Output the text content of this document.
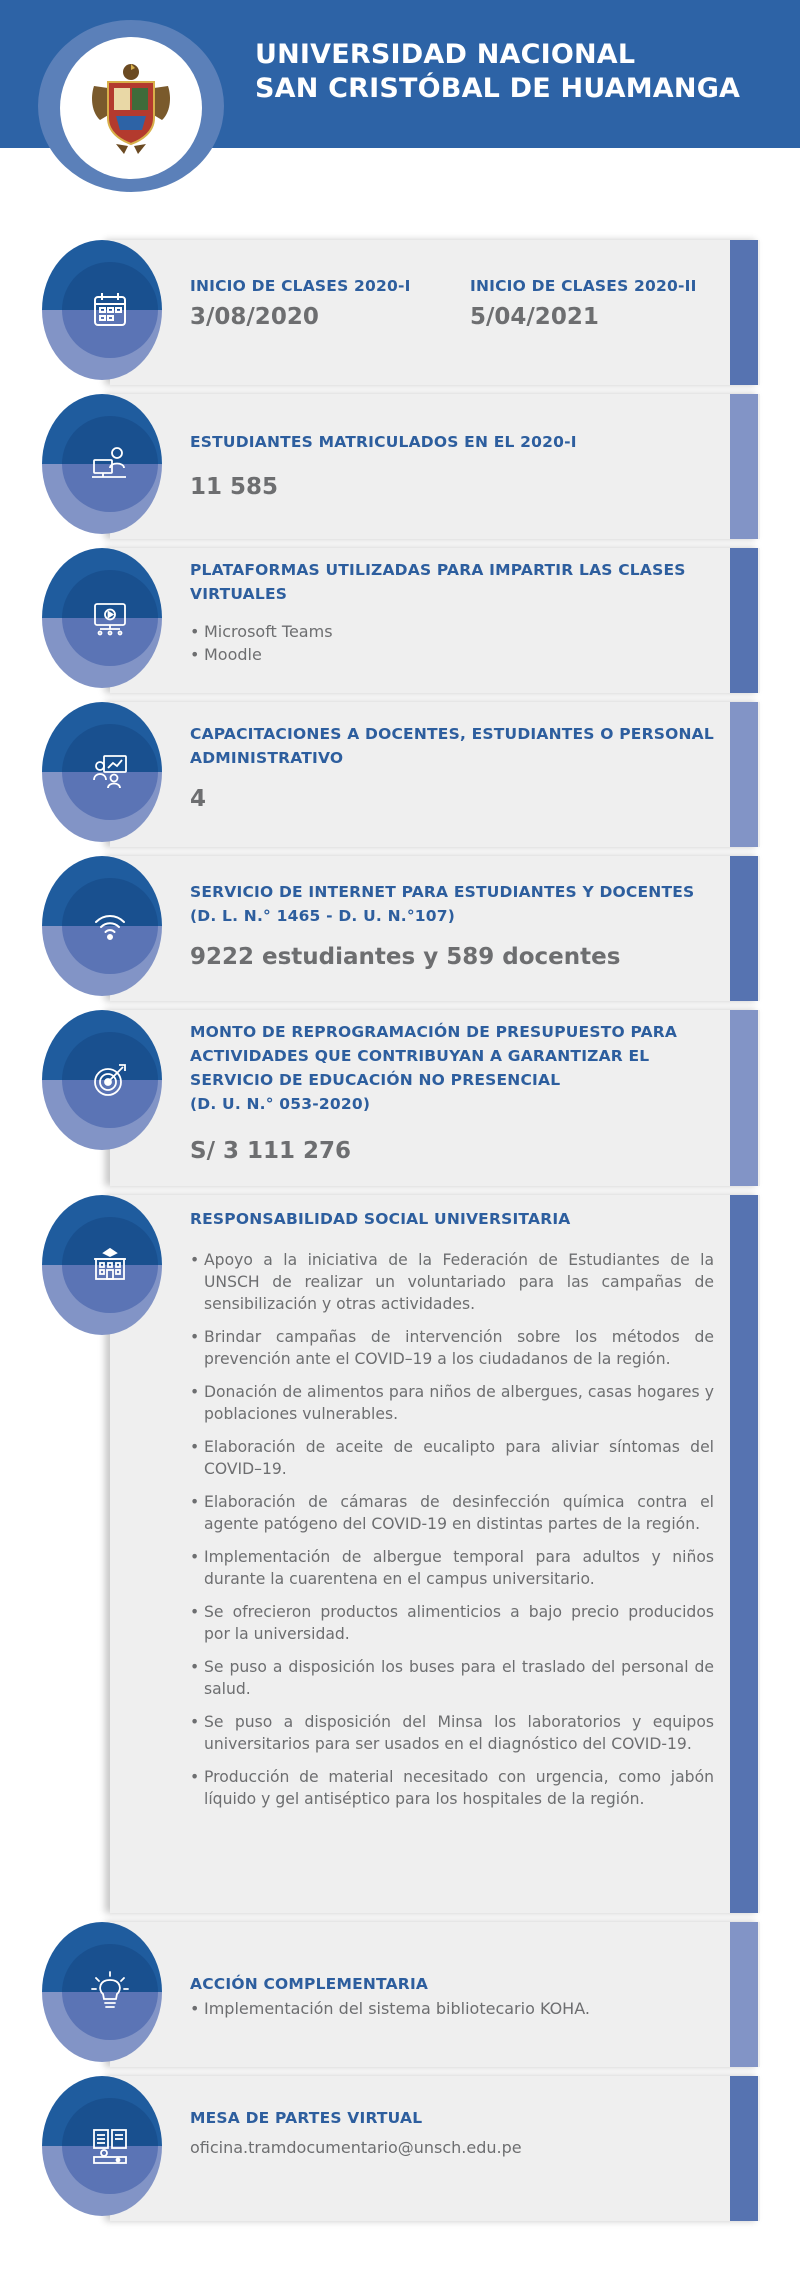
UNIVERSIDAD NACIONAL
SAN CRISTÓBAL DE HUAMANGA
INICIO DE CLASES 2020-I
3/08/2020
INICIO DE CLASES 2020-II
5/04/2021
ESTUDIANTES MATRICULADOS EN EL 2020-I
11 585
PLATAFORMAS UTILIZADAS PARA IMPARTIR LAS CLASES
VIRTUALES
• Microsoft Teams
• Moodle
CAPACITACIONES A DOCENTES, ESTUDIANTES O PERSONAL
ADMINISTRATIVO
4
SERVICIO DE INTERNET PARA ESTUDIANTES Y DOCENTES
(D. L. N.° 1465 - D. U. N.°107)
9222 estudiantes y 589 docentes
MONTO DE REPROGRAMACIÓN DE PRESUPUESTO PARA
ACTIVIDADES QUE CONTRIBUYAN A GARANTIZAR EL
SERVICIO DE EDUCACIÓN NO PRESENCIAL
(D. U. N.° 053-2020)
S/ 3 111 276
RESPONSABILIDAD SOCIAL UNIVERSITARIA
• Apoyo a la iniciativa de la Federación de Estudiantes de la UNSCH de realizar un voluntariado para las campañas de sensibilización y otras actividades.
• Brindar campañas de intervención sobre los métodos de prevención ante el COVID–19 a los ciudadanos de la región.
• Donación de alimentos para niños de albergues, casas hogares y poblaciones vulnerables.
• Elaboración de aceite de eucalipto para aliviar síntomas del COVID–19.
• Elaboración de cámaras de desinfección química contra el agente patógeno del COVID-19 en distintas partes de la región.
• Implementación de albergue temporal para adultos y niños durante la cuarentena en el campus universitario.
• Se ofrecieron productos alimenticios a bajo precio producidos por la universidad.
• Se puso a disposición los buses para el traslado del personal de salud.
• Se puso a disposición del Minsa los laboratorios y equipos universitarios para ser usados en el diagnóstico del COVID-19.
• Producción de material necesitado con urgencia, como jabón líquido y gel antiséptico para los hospitales de la región.
ACCIÓN COMPLEMENTARIA
• Implementación del sistema bibliotecario KOHA.
MESA DE PARTES VIRTUAL
oficina.tramdocumentario@unsch.edu.pe
